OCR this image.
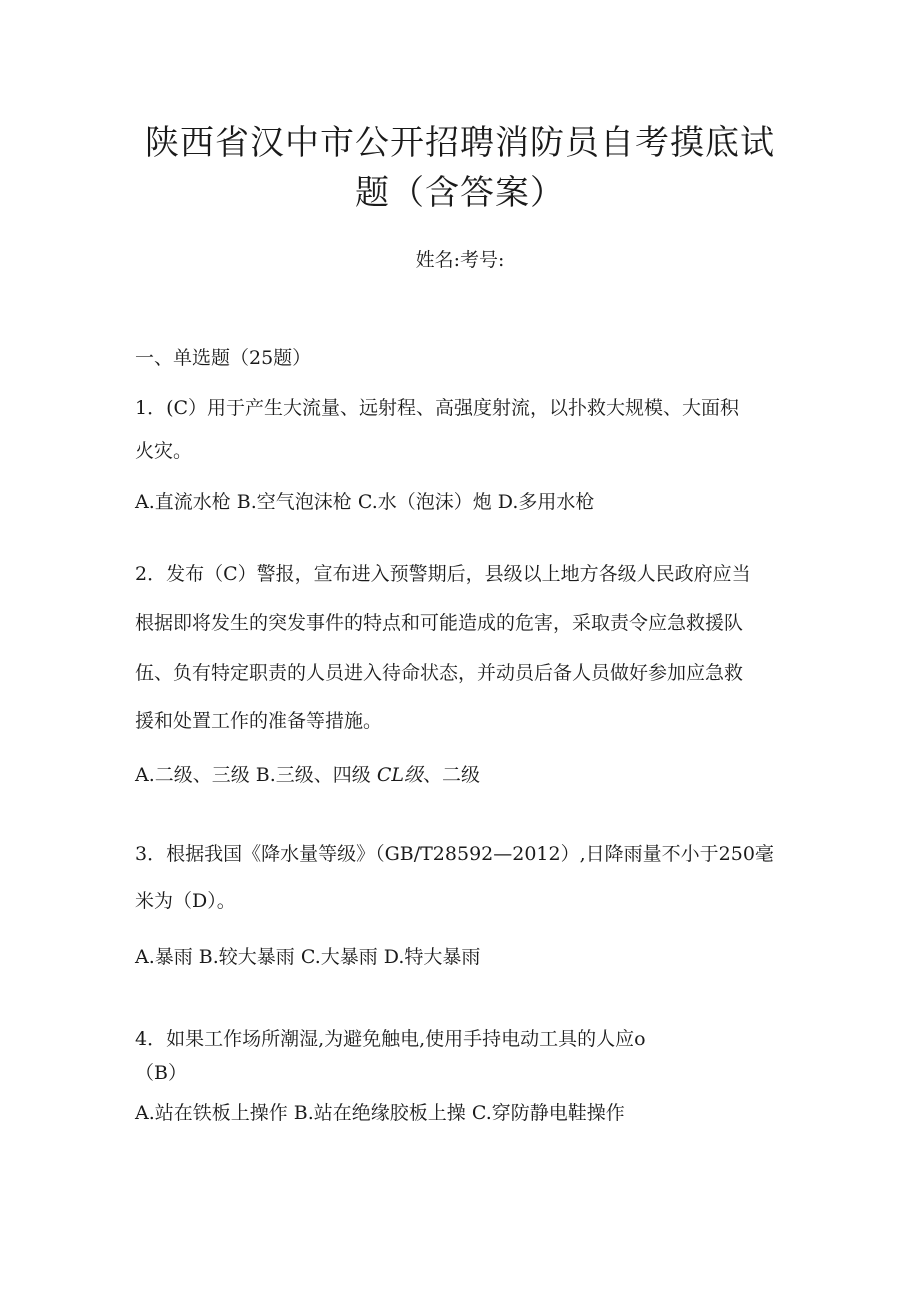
陕西省汉中市公开招聘消防员自考摸底试
题（含答案）
姓名:考号:

一、单选题（25题）

1．(C）用于产生大流量、远射程、高强度射流，以扑救大规模、大面积

火灾。

A.直流水枪 B.空气泡沫枪 C.水（泡沫）炮 D.多用水枪

2．发布（C）警报，宣布进入预警期后，县级以上地方各级人民政府应当

根据即将发生的突发事件的特点和可能造成的危害，采取责令应急救援队

伍、负有特定职责的人员进入待命状态，并动员后备人员做好参加应急救

援和处置工作的准备等措施。

A.二级、三级 B.三级、四级 CL级、二级

3．根据我国《降水量等级》（GB/T28592—2012）,日降雨量不小于250毫

米为（D）。

A.暴雨 B.较大暴雨 C.大暴雨 D.特大暴雨

4．如果工作场所潮湿,为避免触电,使用手持电动工具的人应o

（B）

A.站在铁板上操作 B.站在绝缘胶板上操 C.穿防静电鞋操作
